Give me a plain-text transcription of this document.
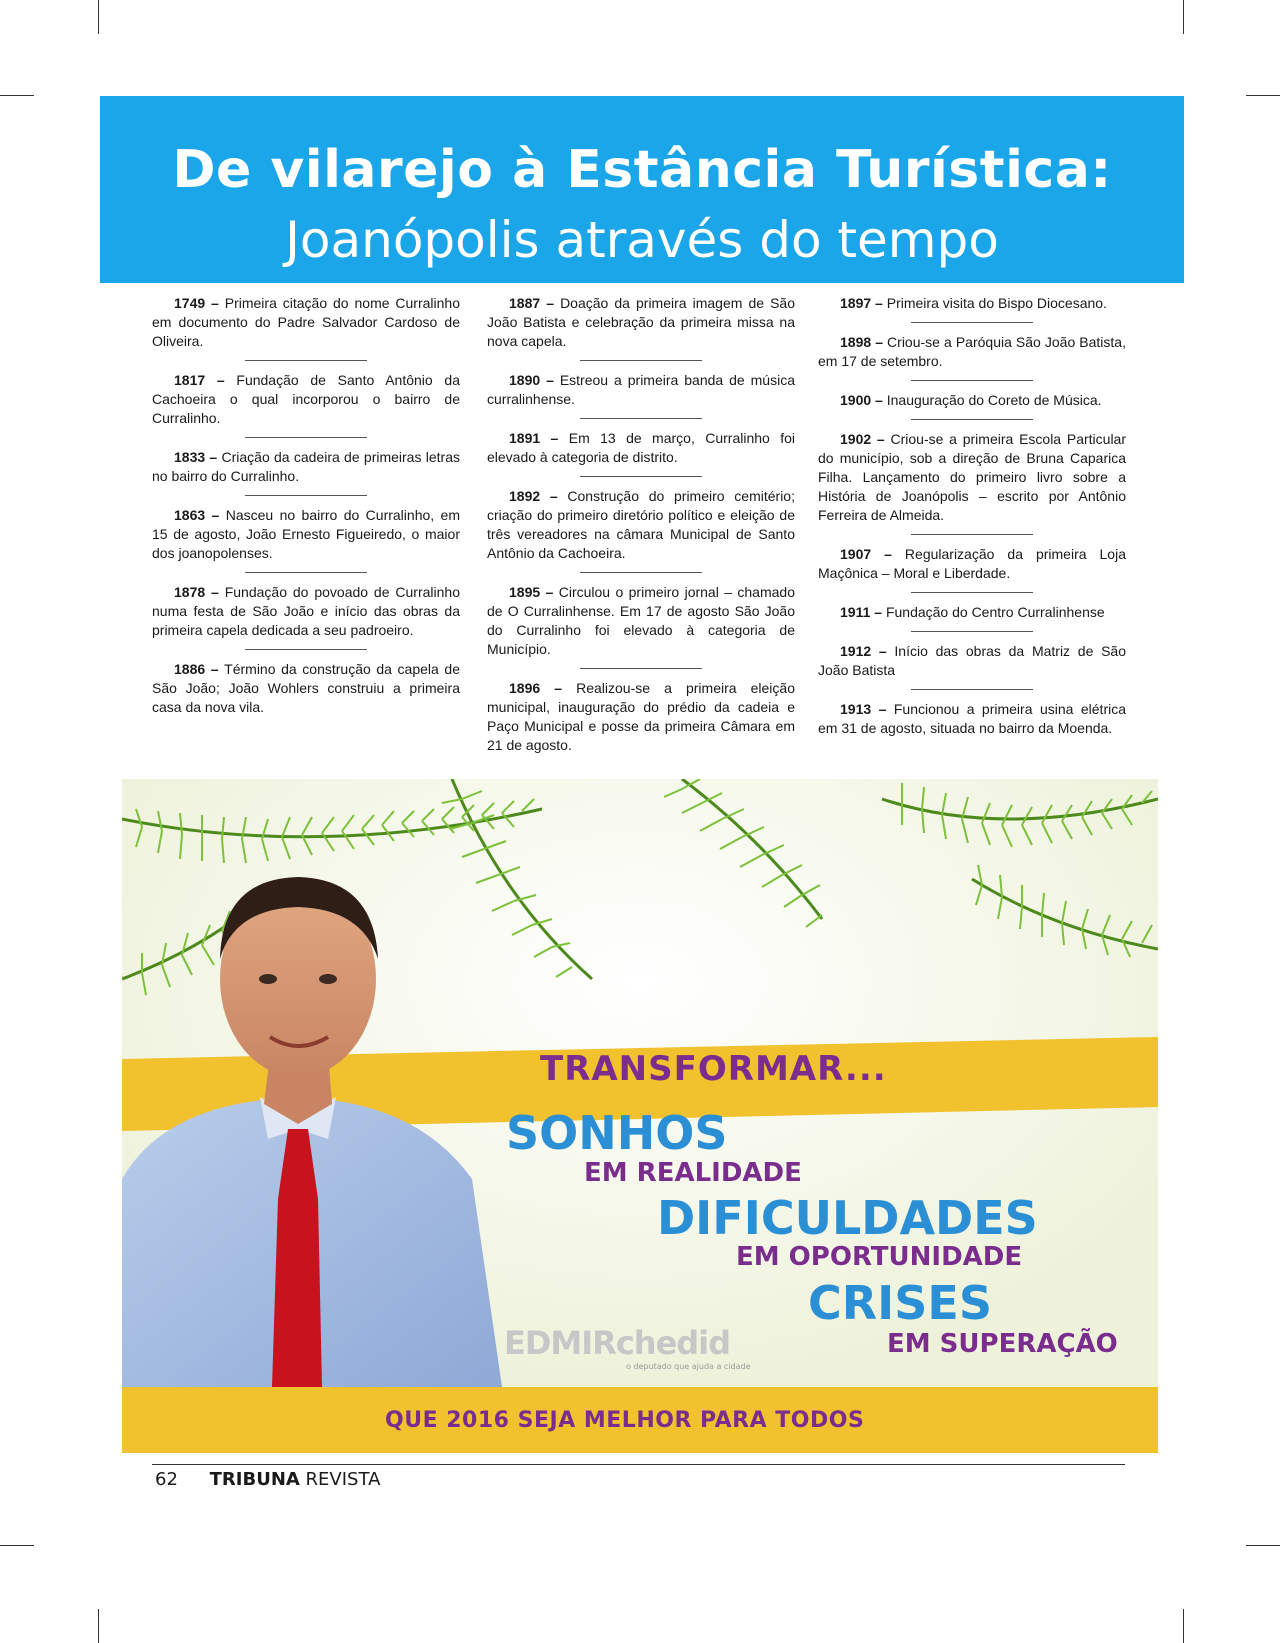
De vilarejo à Estância Turística:
Joanópolis através do tempo

1749 – Primeira citação do nome Curralinho em documento do Padre Salvador Cardoso de Oliveira.

1817 – Fundação de Santo Antônio da Cachoeira o qual incorporou o bairro de Curralinho.

1833 – Criação da cadeira de primeiras letras no bairro do Curralinho.

1863 – Nasceu no bairro do Curralinho, em 15 de agosto, João Ernesto Figueiredo, o maior dos joanopolenses.

1878 – Fundação do povoado de Curralinho numa festa de São João e início das obras da primeira capela dedicada a seu padroeiro.

1886 – Término da construção da capela de São João; João Wohlers construiu a primeira casa da nova vila.

1887 – Doação da primeira imagem de São João Batista e celebração da primeira missa na nova capela.

1890 – Estreou a primeira banda de música curralinhense.

1891 – Em 13 de março, Curralinho foi elevado à categoria de distrito.

1892 – Construção do primeiro cemitério; criação do primeiro diretório político e eleição de três vereadores na câmara Municipal de Santo Antônio da Cachoeira.

1895 – Circulou o primeiro jornal – chamado de O Curralinhense. Em 17 de agosto São João do Curralinho foi elevado à categoria de Município.

1896 –	Realizou-se a primeira eleição municipal, inauguração do prédio da cadeia e Paço Municipal e posse da primeira Câmara em 21 de agosto.

1897 – Primeira visita do Bispo Diocesano.

1898 – Criou-se a Paróquia São João Batista, em 17 de setembro.

1900 – Inauguração do Coreto de Música.

1902 – Criou-se a primeira Escola Particular do município, sob a direção de Bruna Caparica Filha. Lançamento do primeiro livro sobre a História de Joanópolis – escrito por Antônio Ferreira de Almeida.

1907 – Regularização da primeira Loja Maçônica – Moral e Liberdade.

1911 – Fundação do Centro Curralinhense

1912 – Início das obras da Matriz de São João Batista

1913 – Funcionou a primeira usina elétrica em 31 de agosto, situada no bairro da Moenda.

TRANSFORMAR...
SONHOS
EM REALIDADE
DIFICULDADES
EM OPORTUNIDADE
CRISES
EM SUPERAÇÃO
EDMIRchedid
o deputado que ajuda a cidade
QUE 2016 SEJA MELHOR PARA TODOS
62 TRIBUNA REVISTA
